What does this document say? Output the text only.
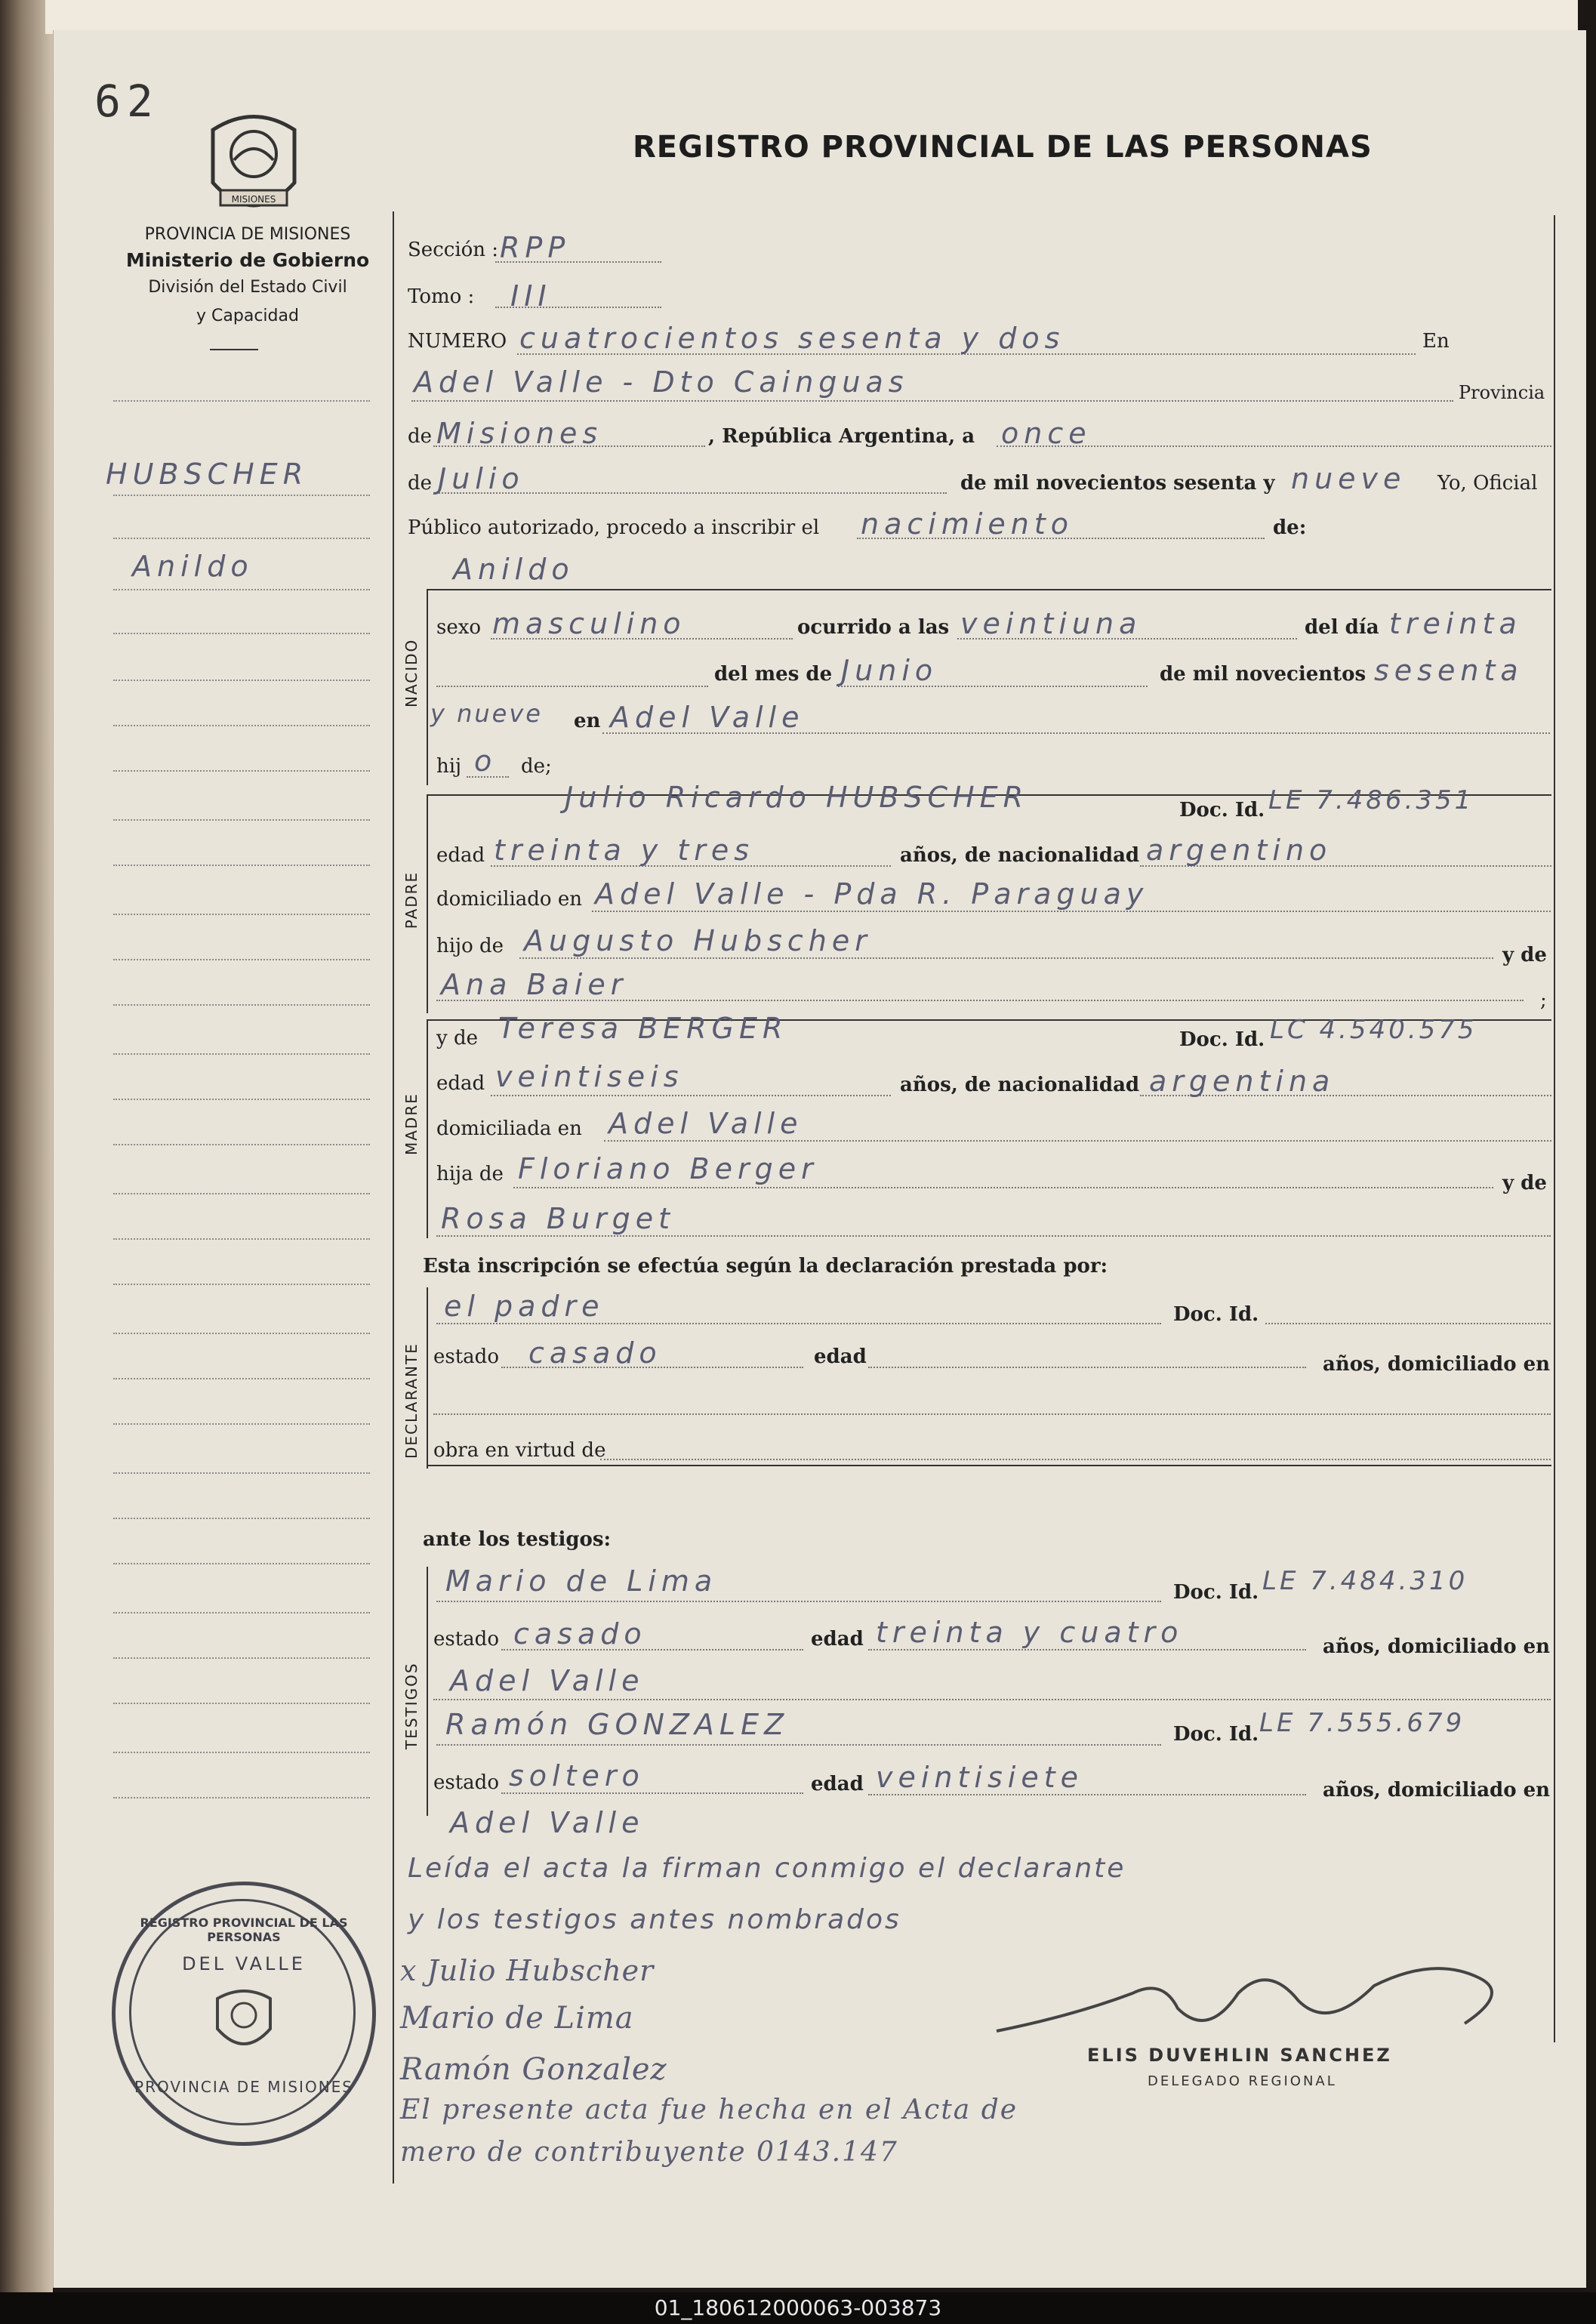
62
MISIONES
REGISTRO PROVINCIAL DE LAS PERSONAS
PROVINCIA DE MISIONES
Ministerio de Gobierno
División del Estado Civil
y Capacidad
HUBSCHER
Anildo
NACIDO
PADRE
MADRE
DECLARANTE
TESTIGOS
Sección : RPP
Tomo : III
NUMERO cuatrocientos sesenta y dos	En
Adel Valle - Dto Cainguas	Provincia
de Misiones	, República Argentina, a once
de Julio	de mil novecientos sesenta y nueve Yo, Oficial
Público autorizado, procedo a inscribir el nacimiento	de:
Anildo
sexo masculino	ocurrido a las veintiuna	del día treinta
del mes de Junio	de mil novecientos sesenta
y nueve en Adel Valle
hij o de;
Julio Ricardo HUBSCHER	Doc. Id. LE 7.486.351
edad treinta y tres	años, de nacionalidad argentino
domiciliado en Adel Valle - Pda R. Paraguay
hijo de Augusto Hubscher	y de
Ana Baier	;
y de Teresa BERGER	Doc. Id. LC 4.540.575
edad veintiseis	años, de nacionalidad argentina
domiciliada en Adel Valle
hija de Floriano Berger	y de
Rosa Burget
Esta inscripción se efectúa según la declaración prestada por:
el padre	Doc. Id.
estado casado	edad	años, domiciliado en
obra en virtud de
ante los testigos:
Mario de Lima	Doc. Id. LE 7.484.310
estado casado	edad treinta y cuatro	años, domiciliado en
Adel Valle
Ramón GONZALEZ	Doc. Id. LE 7.555.679
estado soltero	edad veintisiete	años, domiciliado en
Adel Valle
Leída el acta la firman conmigo el declarante
y los testigos antes nombrados
x Julio Hubscher
Mario de Lima
Ramón Gonzalez
El presente acta fue hecha en el Acta de
mero de contribuyente 0143.147
ELIS DUVEHLIN SANCHEZ
DELEGADO REGIONAL
REGISTRO PROVINCIAL DE LAS PERSONAS
DEL VALLE
PROVINCIA DE MISIONES
01_180612000063-003873
